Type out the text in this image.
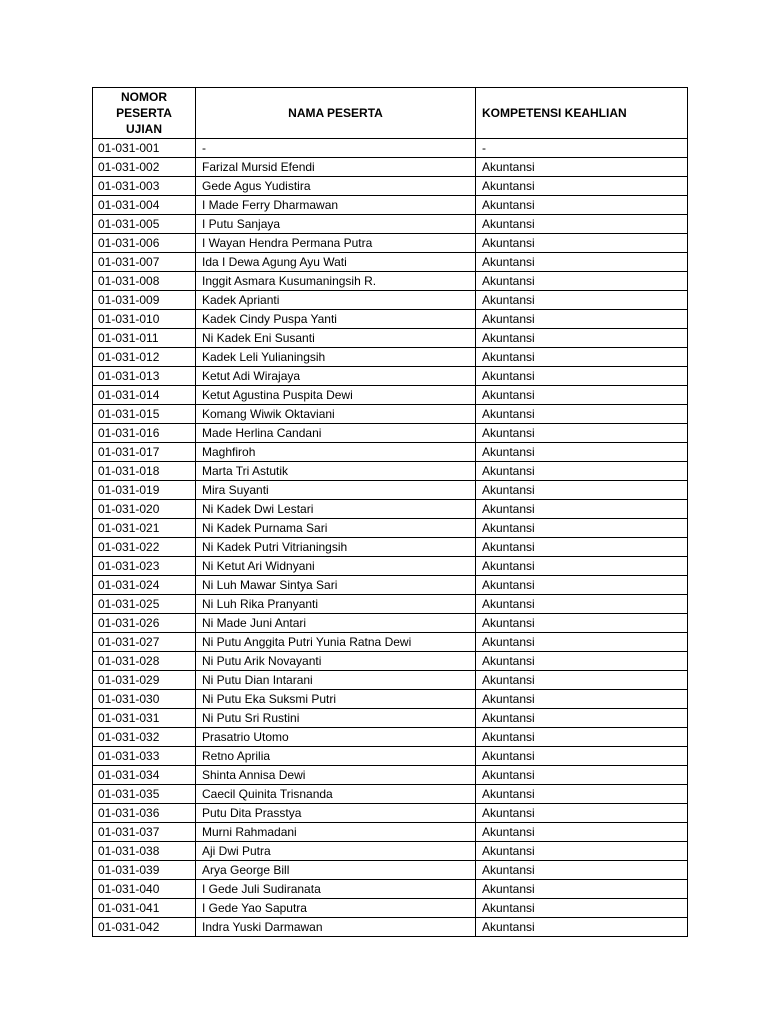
NOMOR PESERTA UJIAN	NAMA PESERTA	KOMPETENSI KEAHLIAN
01-031-001	-	-
01-031-002	Farizal Mursid Efendi	Akuntansi
01-031-003	Gede Agus Yudistira	Akuntansi
01-031-004	I Made Ferry Dharmawan	Akuntansi
01-031-005	I Putu Sanjaya	Akuntansi
01-031-006	I Wayan Hendra Permana Putra	Akuntansi
01-031-007	Ida I Dewa Agung Ayu Wati	Akuntansi
01-031-008	Inggit Asmara Kusumaningsih R.	Akuntansi
01-031-009	Kadek Aprianti	Akuntansi
01-031-010	Kadek Cindy Puspa Yanti	Akuntansi
01-031-011	Ni Kadek Eni Susanti	Akuntansi
01-031-012	Kadek Leli Yulianingsih	Akuntansi
01-031-013	Ketut Adi Wirajaya	Akuntansi
01-031-014	Ketut Agustina Puspita Dewi	Akuntansi
01-031-015	Komang Wiwik Oktaviani	Akuntansi
01-031-016	Made Herlina Candani	Akuntansi
01-031-017	Maghfiroh	Akuntansi
01-031-018	Marta Tri Astutik	Akuntansi
01-031-019	Mira Suyanti	Akuntansi
01-031-020	Ni Kadek Dwi Lestari	Akuntansi
01-031-021	Ni Kadek Purnama Sari	Akuntansi
01-031-022	Ni Kadek Putri Vitrianingsih	Akuntansi
01-031-023	Ni Ketut Ari Widnyani	Akuntansi
01-031-024	Ni Luh Mawar Sintya Sari	Akuntansi
01-031-025	Ni Luh Rika Pranyanti	Akuntansi
01-031-026	Ni Made Juni Antari	Akuntansi
01-031-027	Ni Putu Anggita Putri Yunia Ratna Dewi	Akuntansi
01-031-028	Ni Putu Arik Novayanti	Akuntansi
01-031-029	Ni Putu Dian Intarani	Akuntansi
01-031-030	Ni Putu Eka Suksmi Putri	Akuntansi
01-031-031	Ni Putu Sri Rustini	Akuntansi
01-031-032	Prasatrio Utomo	Akuntansi
01-031-033	Retno Aprilia	Akuntansi
01-031-034	Shinta Annisa Dewi	Akuntansi
01-031-035	Caecil Quinita Trisnanda	Akuntansi
01-031-036	Putu Dita Prasstya	Akuntansi
01-031-037	Murni Rahmadani	Akuntansi
01-031-038	Aji Dwi Putra	Akuntansi
01-031-039	Arya George Bill	Akuntansi
01-031-040	I Gede Juli Sudiranata	Akuntansi
01-031-041	I Gede Yao Saputra	Akuntansi
01-031-042	Indra Yuski Darmawan	Akuntansi
